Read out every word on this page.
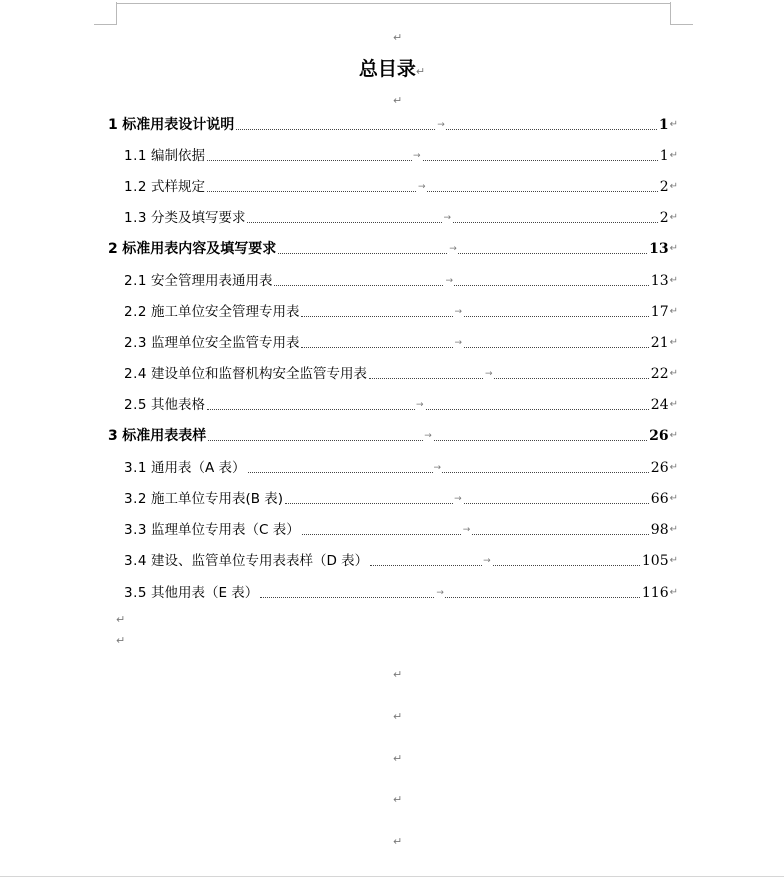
↵
总目录↵
↵
1 标准用表设计说明	→	1 ↵
1.1 编制依据	→	1 ↵
1.2 式样规定	→	2 ↵
1.3 分类及填写要求	→	2 ↵
2 标准用表内容及填写要求	→	13 ↵
2.1 安全管理用表通用表	→	13 ↵
2.2 施工单位安全管理专用表	→	17 ↵
2.3 监理单位安全监管专用表	→	21 ↵
2.4 建设单位和监督机构安全监管专用表	→	22 ↵
2.5 其他表格	→	24 ↵
3 标准用表表样	→	26 ↵
3.1 通用表（A 表）	→	26 ↵
3.2 施工单位专用表(B 表)	→	66 ↵
3.3 监理单位专用表（C 表）	→	98 ↵
3.4 建设、监管单位专用表表样（D 表）	→	105 ↵
3.5 其他用表（E 表）	→	116 ↵
↵
↵
↵
↵
↵
↵
↵
